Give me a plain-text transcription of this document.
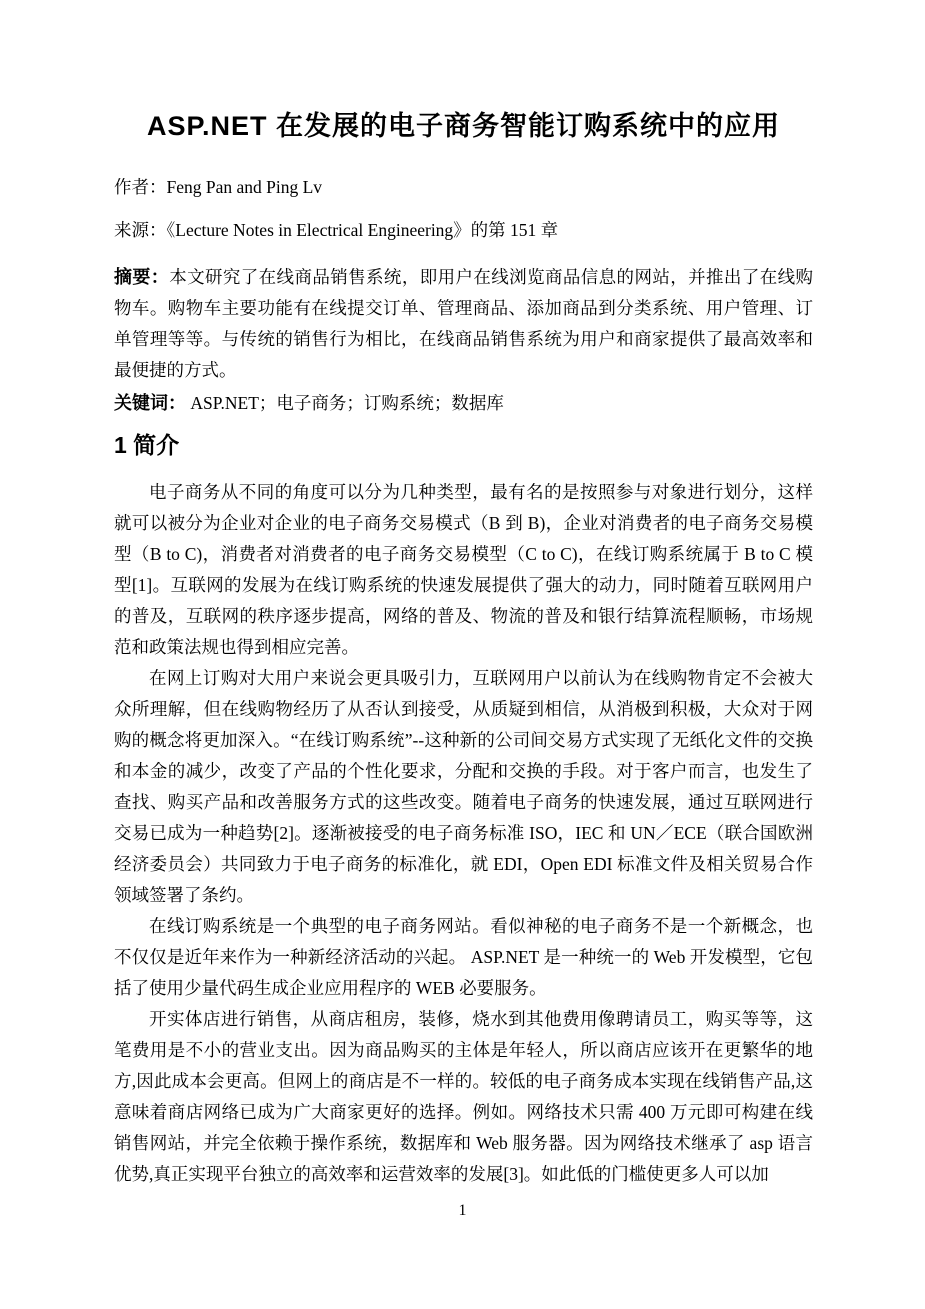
ASP.NET 在发展的电子商务智能订购系统中的应用

作者：Feng Pan and Ping Lv

来源：《Lecture Notes in Electrical Engineering》的第 151 章

摘要：本文研究了在线商品销售系统，即用户在线浏览商品信息的网站，并推出了在线购物车。购物车主要功能有在线提交订单、管理商品、添加商品到分类系统、用户管理、订单管理等等。与传统的销售行为相比，在线商品销售系统为用户和商家提供了最高效率和最便捷的方式。

关键词： ASP.NET；电子商务；订购系统；数据库

1 简介

电子商务从不同的角度可以分为几种类型，最有名的是按照参与对象进行划分，这样就可以被分为企业对企业的电子商务交易模式（B 到 B)，企业对消费者的电子商务交易模型（B to C)，消费者对消费者的电子商务交易模型（C to C)，在线订购系统属于 B to C 模型[1]。互联网的发展为在线订购系统的快速发展提供了强大的动力，同时随着互联网用户的普及，互联网的秩序逐步提高，网络的普及、物流的普及和银行结算流程顺畅，市场规范和政策法规也得到相应完善。

在网上订购对大用户来说会更具吸引力，互联网用户以前认为在线购物肯定不会被大众所理解，但在线购物经历了从否认到接受，从质疑到相信，从消极到积极，大众对于网购的概念将更加深入。“在线订购系统”--这种新的公司间交易方式实现了无纸化文件的交换和本金的减少，改变了产品的个性化要求，分配和交换的手段。对于客户而言，也发生了查找、购买产品和改善服务方式的这些改变。随着电子商务的快速发展，通过互联网进行交易已成为一种趋势[2]。逐渐被接受的电子商务标准 ISO，IEC 和 UN／ECE（联合国欧洲经济委员会）共同致力于电子商务的标准化，就 EDI，Open EDI 标准文件及相关贸易合作领域签署了条约。

在线订购系统是一个典型的电子商务网站。看似神秘的电子商务不是一个新概念，也不仅仅是近年来作为一种新经济活动的兴起。 ASP.NET 是一种统一的 Web 开发模型，它包括了使用少量代码生成企业应用程序的 WEB 必要服务。

开实体店进行销售，从商店租房，装修，烧水到其他费用像聘请员工，购买等等，这笔费用是不小的营业支出。因为商品购买的主体是年轻人，所以商店应该开在更繁华的地方,因此成本会更高。但网上的商店是不一样的。较低的电子商务成本实现在线销售产品,这意味着商店网络已成为广大商家更好的选择。例如。网络技术只需 400 万元即可构建在线销售网站，并完全依赖于操作系统，数据库和 Web 服务器。因为网络技术继承了 asp 语言优势,真正实现平台独立的高效率和运营效率的发展[3]。如此低的门槛使更多人可以加

1
